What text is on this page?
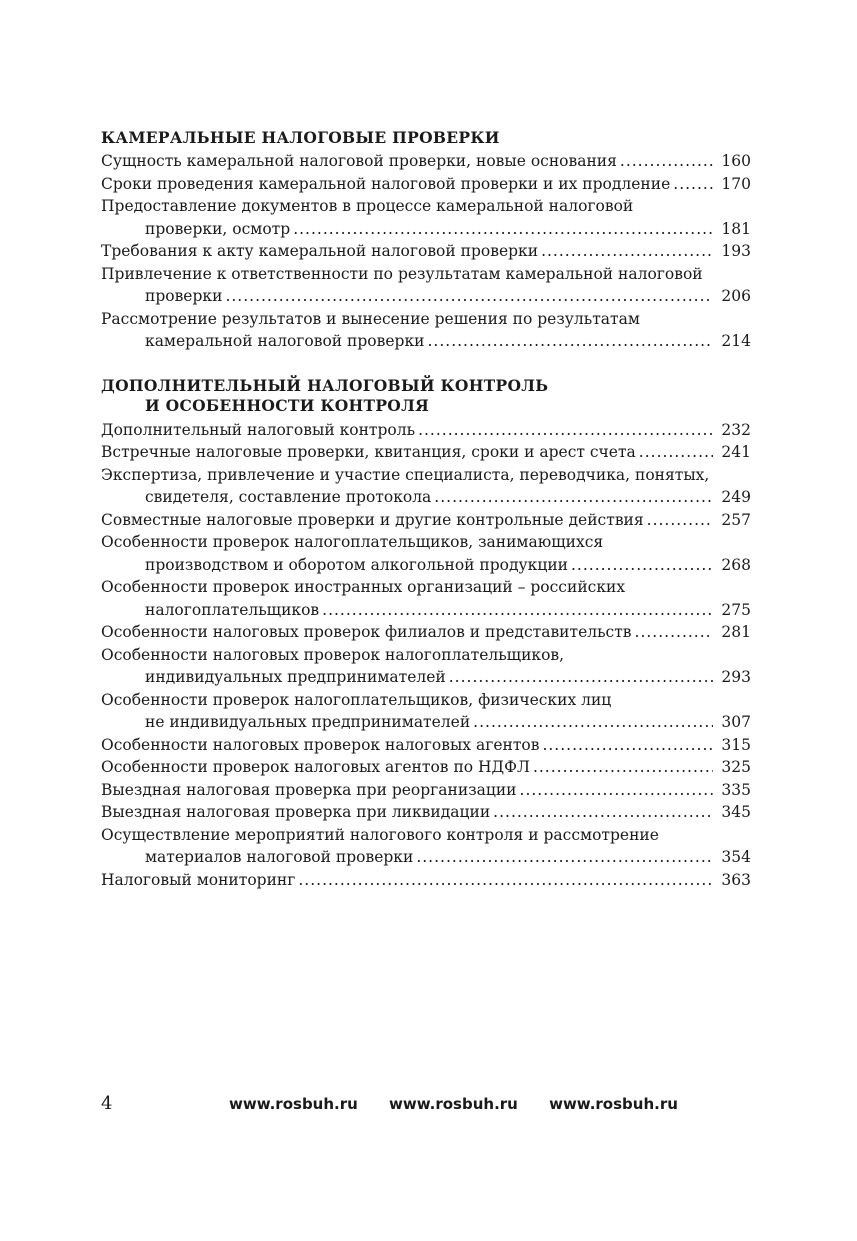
КАМЕРАЛЬНЫЕ НАЛОГОВЫЕ ПРОВЕРКИ
Сущность камеральной налоговой проверки, новые основания .....	160
Сроки проведения камеральной налоговой проверки и их продление .....	170
Предоставление документов в процессе камеральной налоговой
проверки, осмотр .....	181
Требования к акту камеральной налоговой проверки .....	193
Привлечение к ответственности по результатам камеральной налоговой
проверки .....	206
Рассмотрение результатов и вынесение решения по результатам
камеральной налоговой проверки .....	214
ДОПОЛНИТЕЛЬНЫЙ НАЛОГОВЫЙ КОНТРОЛЬ
И ОСОБЕННОСТИ КОНТРОЛЯ
Дополнительный налоговый контроль .....	232
Встречные налоговые проверки, квитанция, сроки и арест счета .....	241
Экспертиза, привлечение и участие специалиста, переводчика, понятых,
свидетеля, составление протокола .....	249
Совместные налоговые проверки и другие контрольные действия .....	257
Особенности проверок налогоплательщиков, занимающихся
производством и оборотом алкогольной продукции .....	268
Особенности проверок иностранных организаций – российских
налогоплательщиков .....	275
Особенности налоговых проверок филиалов и представительств .....	281
Особенности налоговых проверок налогоплательщиков,
индивидуальных предпринимателей .....	293
Особенности проверок налогоплательщиков, физических лиц
не индивидуальных предпринимателей .....	307
Особенности налоговых проверок налоговых агентов .....	315
Особенности проверок налоговых агентов по НДФЛ .....	325
Выездная налоговая проверка при реорганизации .....	335
Выездная налоговая проверка при ликвидации .....	345
Осуществление мероприятий налогового контроля и рассмотрение
материалов налоговой проверки .....	354
Налоговый мониторинг .....	363
4	www.rosbuh.ru www.rosbuh.ru www.rosbuh.ru
